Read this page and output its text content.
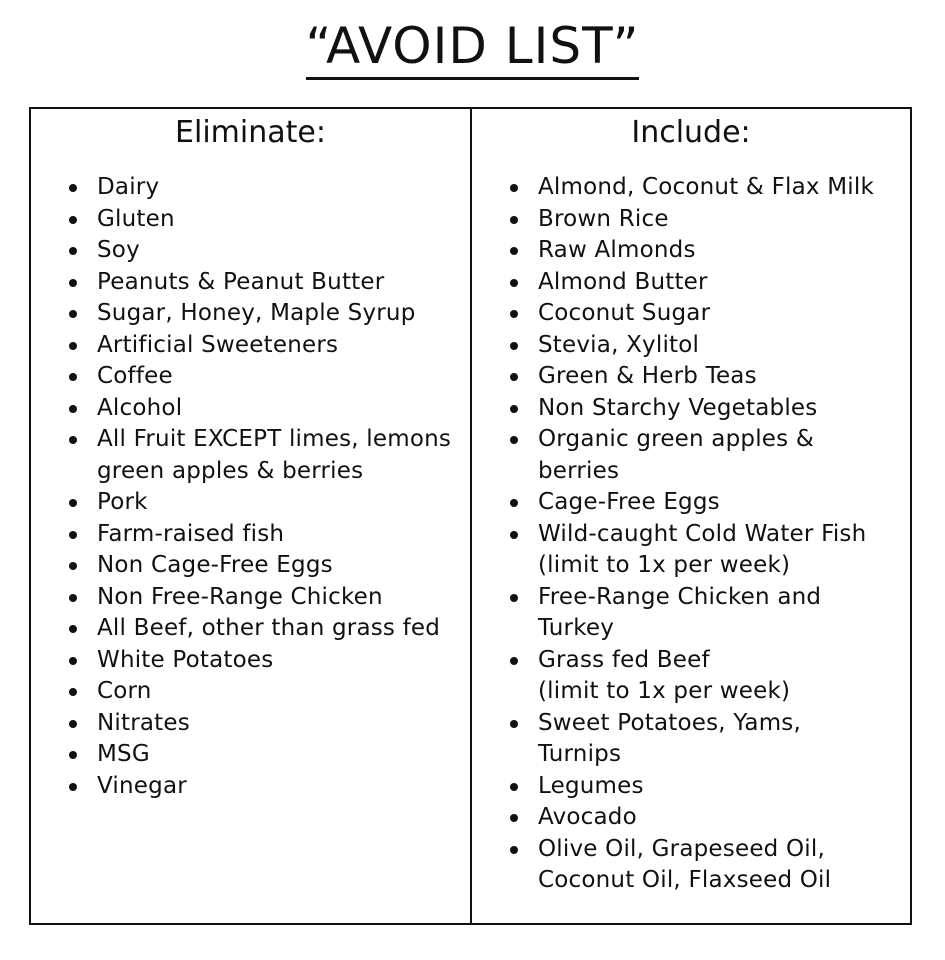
“AVOID LIST”
Eliminate:
Dairy
Gluten
Soy
Peanuts & Peanut Butter
Sugar, Honey, Maple Syrup
Artificial Sweeteners
Coffee
Alcohol
All Fruit EXCEPT limes, lemons
green apples & berries
Pork
Farm-raised fish
Non Cage-Free Eggs
Non Free-Range Chicken
All Beef, other than grass fed
White Potatoes
Corn
Nitrates
MSG
Vinegar
Include:
Almond, Coconut & Flax Milk
Brown Rice
Raw Almonds
Almond Butter
Coconut Sugar
Stevia, Xylitol
Green & Herb Teas
Non Starchy Vegetables
Organic green apples &
berries
Cage-Free Eggs
Wild-caught Cold Water Fish
(limit to 1x per week)
Free-Range Chicken and
Turkey
Grass fed Beef
(limit to 1x per week)
Sweet Potatoes, Yams,
Turnips
Legumes
Avocado
Olive Oil, Grapeseed Oil,
Coconut Oil, Flaxseed Oil
